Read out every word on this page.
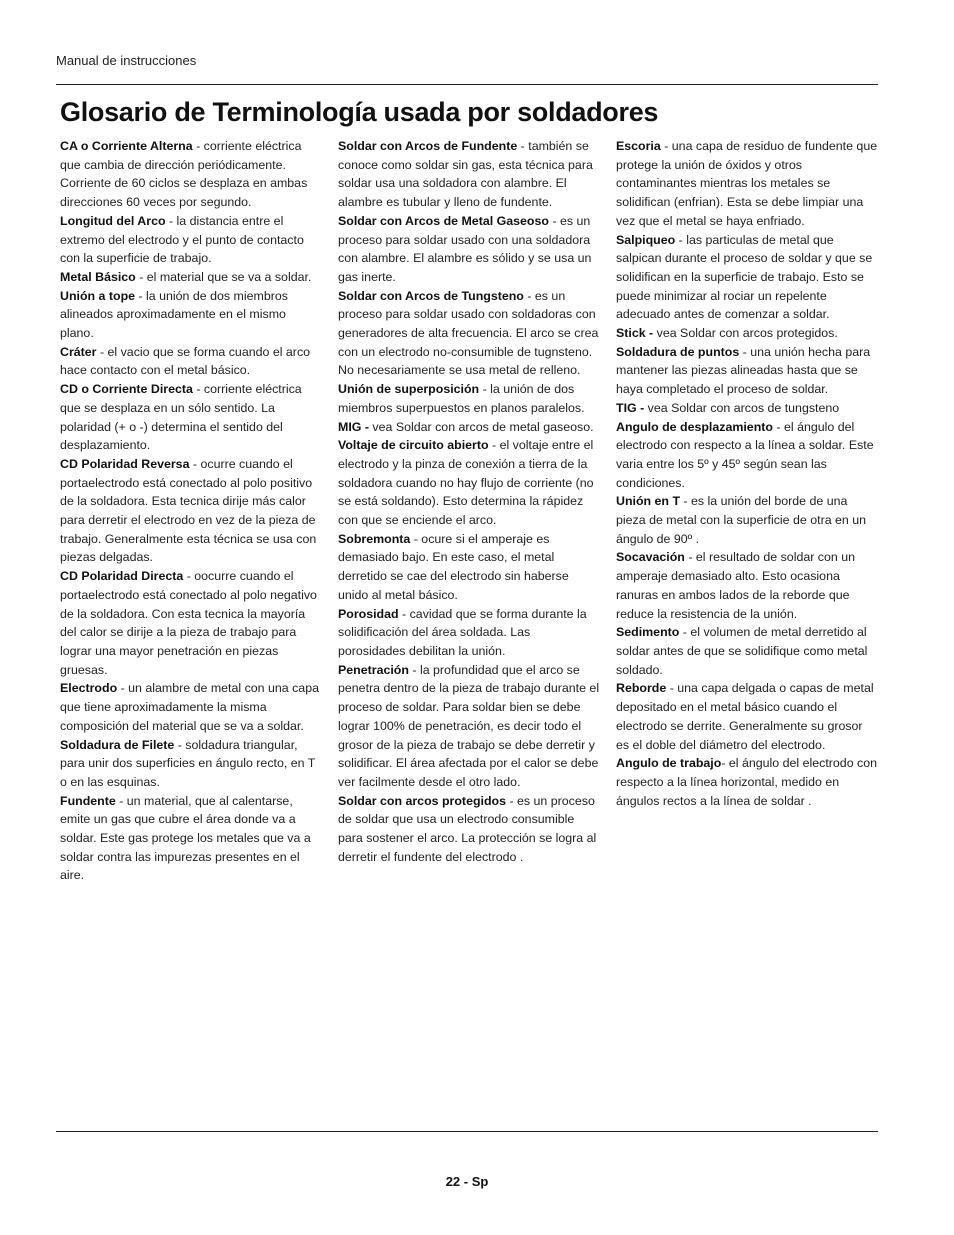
Manual de instrucciones
Glosario de Terminología usada por soldadores

CA o Corriente Alterna - corriente eléctrica que cambia de dirección periódicamente. Corriente de 60 ciclos se desplaza en ambas direcciones 60 veces por segundo.

Longitud del Arco - la distancia entre el extremo del electrodo y el punto de contacto con la superficie de trabajo.

Metal Básico - el material que se va a soldar.

Unión a tope - la unión de dos miembros alineados aproximadamente en el mismo plano.

Cráter - el vacio que se forma cuando el arco hace contacto con el metal básico.

CD o Corriente Directa - corriente eléctrica que se desplaza en un sólo sentido. La polaridad (+ o -) determina el sentido del desplazamiento.

CD Polaridad Reversa - ocurre cuando el portaelectrodo está conectado al polo positivo de la soldadora. Esta tecnica dirije más calor para derretir el electrodo en vez de la pieza de trabajo. Generalmente esta técnica se usa con piezas delgadas.

CD Polaridad Directa - oocurre cuando el portaelectrodo está conectado al polo negativo de la soldadora. Con esta tecnica la mayoría del calor se dirije a la pieza de trabajo para lograr una mayor penetración en piezas gruesas.

Electrodo - un alambre de metal con una capa que tiene aproximadamente la misma composición del material que se va a soldar.

Soldadura de Filete - soldadura triangular, para unir dos superficies en ángulo recto, en T o en las esquinas.

Fundente - un material, que al calentarse, emite un gas que cubre el área donde va a soldar. Este gas protege los metales que va a soldar contra las impurezas presentes en el aire.

Soldar con Arcos de Fundente - también se conoce como soldar sin gas, esta técnica para soldar usa una soldadora con alambre. El alambre es tubular y lleno de fundente.

Soldar con Arcos de Metal Gaseoso - es un proceso para soldar usado con una soldadora con alambre. El alambre es sólido y se usa un gas inerte.

Soldar con Arcos de Tungsteno - es un proceso para soldar usado con soldadoras con generadores de alta frecuencia. El arco se crea con un electrodo no-consumible de tugnsteno. No necesariamente se usa metal de relleno.

Unión de superposición - la unión de dos miembros superpuestos en planos paralelos.

MIG - vea Soldar con arcos de metal gaseoso.

Voltaje de circuito abierto - el voltaje entre el electrodo y la pinza de conexión a tierra de la soldadora cuando no hay flujo de corriente (no se está soldando). Esto determina la rápidez con que se enciende el arco.

Sobremonta - ocure si el amperaje es demasiado bajo. En este caso, el metal derretido se cae del electrodo sin haberse unido al metal básico.

Porosidad - cavidad que se forma durante la solidificación del área soldada. Las porosidades debilitan la unión.

Penetración - la profundidad que el arco se penetra dentro de la pieza de trabajo durante el proceso de soldar. Para soldar bien se debe lograr 100% de penetración, es decir todo el grosor de la pieza de trabajo se debe derretir y solidificar. El área afectada por el calor se debe ver facilmente desde el otro lado.

Soldar con arcos protegidos - es un proceso de soldar que usa un electrodo consumible para sostener el arco. La protección se logra al derretir el fundente del electrodo .

Escoria - una capa de residuo de fundente que protege la unión de óxidos y otros contaminantes mientras los metales se solidifican (enfrian). Esta se debe limpiar una vez que el metal se haya enfriado.

Salpiqueo - las particulas de metal que salpican durante el proceso de soldar y que se solidifican en la superficie de trabajo. Esto se puede minimizar al rociar un repelente adecuado antes de comenzar a soldar.

Stick - vea Soldar con arcos protegidos.

Soldadura de puntos - una unión hecha para mantener las piezas alineadas hasta que se haya completado el proceso de soldar.

TIG - vea Soldar con arcos de tungsteno

Angulo de desplazamiento - el ángulo del electrodo con respecto a la línea a soldar. Este varia entre los 5º y 45º según sean las condiciones.

Unión en T - es la unión del borde de una pieza de metal con la superficie de otra en un ángulo de 90º .

Socavación - el resultado de soldar con un amperaje demasiado alto. Esto ocasiona ranuras en ambos lados de la reborde que reduce la resistencia de la unión.

Sedimento - el volumen de metal derretido al soldar antes de que se solidifique como metal soldado.

Reborde - una capa delgada o capas de metal depositado en el metal básico cuando el electrodo se derrite. Generalmente su grosor es el doble del diámetro del electrodo.

Angulo de trabajo- el ángulo del electrodo con respecto a la línea horizontal, medido en ángulos rectos a la línea de soldar .

22 - Sp
